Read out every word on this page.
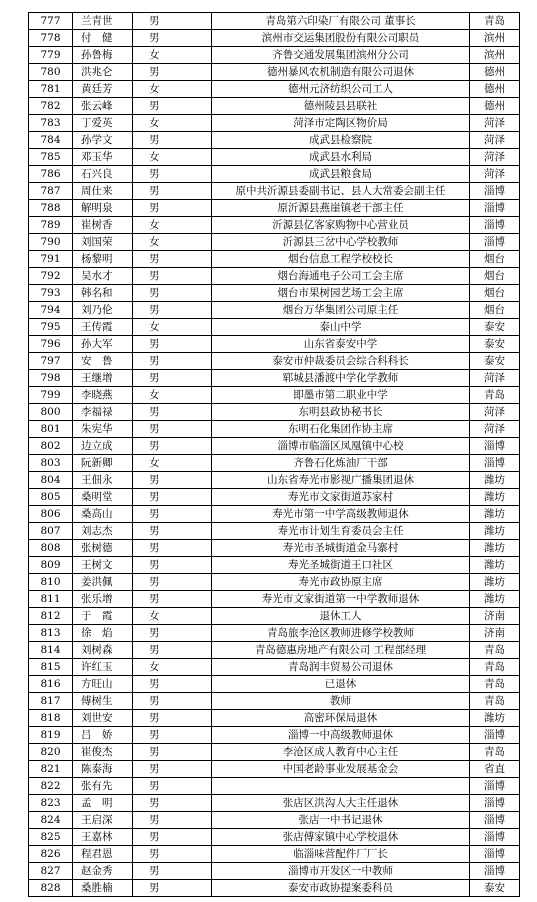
777	兰青世	男	青岛第六印染厂有限公司 董事长	青岛
778	付　健	男	滨州市交运集团股份有限公司职员	滨州
779	孙鲁梅	女	齐鲁交通发展集团滨州分公司	滨州
780	洪兆仑	男	德州暴风农机制造有限公司退休	德州
781	黄廷芳	女	德州元济纺织公司工人	德州
782	张云峰	男	德州陵县县联社	德州
783	丁爱英	女	菏泽市定陶区物价局	菏泽
784	孙学文	男	成武县检察院	菏泽
785	邓玉华	女	成武县水利局	菏泽
786	石兴良	男	成武县粮食局	菏泽
787	周仕来	男	原中共沂源县委副书记、县人大常委会副主任	淄博
788	解明泉	男	原沂源县燕崖镇老干部主任	淄博
789	崔树香	女	沂源县亿客家购物中心营业员	淄博
790	刘国荣	女	沂源县三岔中心学校教师	淄博
791	杨黎明	男	烟台信息工程学校校长	烟台
792	吴水才	男	烟台海通电子公司工会主席	烟台
793	韩名和	男	烟台市果树园艺场工会主席	烟台
794	刘乃伦	男	烟台万华集团公司原主任	烟台
795	王传霞	女	泰山中学	泰安
796	孙大军	男	山东省泰安中学	泰安
797	安　鲁	男	泰安市仲裁委员会综合科科长	泰安
798	王继增	男	郓城县潘渡中学化学教师	菏泽
799	李晓燕	女	即墨市第二职业中学	青岛
800	李福禄	男	东明县政协秘书长	菏泽
801	朱宪华	男	东明石化集团作协主席	菏泽
802	边立成	男	淄博市临淄区凤凰镇中心校	淄博
803	阮新卿	女	齐鲁石化炼油厂干部	淄博
804	王佃永	男	山东省寿光市影视广播集团退休	潍坊
805	桑明堂	男	寿光市文家街道苏家村	潍坊
806	桑高山	男	寿光市第一中学高级教师退休	潍坊
807	刘志杰	男	寿光市计划生育委员会主任	潍坊
808	张树德	男	寿光市圣城街道金马寨村	潍坊
809	王树文	男	寿光圣城街道王口社区	潍坊
810	姜洪佩	男	寿光市政协原主席	潍坊
811	张乐增	男	寿光市文家街道第一中学教师退休	潍坊
812	于　霞	女	退休工人	济南
813	徐　焰	男	青岛旅李沧区教师进修学校教师	济南
814	刘树森	男	青岛德惠房地产有限公司 工程部经理	青岛
815	许红玉	女	青岛润丰贸易公司退休	青岛
816	方旺山	男	已退休	青岛
817	傅树生	男	教师	青岛
818	刘世安	男	高密环保局退休	潍坊
819	吕　娇	男	淄博一中高级教师退休	淄博
820	崔俊杰	男	李沧区成人教育中心主任	青岛
821	陈泰海	男	中国老龄事业发展基金会	省直
822	张有先	男		淄博
823	孟　明	男	张店区洪沟人大主任退休	淄博
824	王启深	男	张店一中书记退休	淄博
825	王嘉林	男	张店傅家镇中心学校退休	淄博
826	程君恩	男	临淄味营配件厂厂长	淄博
827	赵金秀	男	淄博市开发区一中教师	淄博
828	桑胜楠	男	泰安市政协提案委科员	泰安
